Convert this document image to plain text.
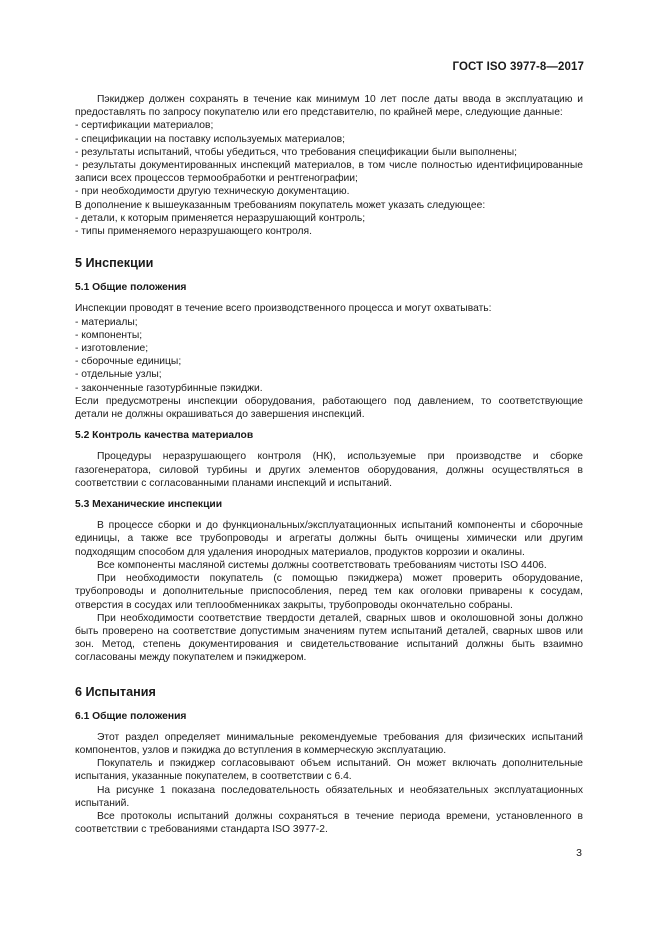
ГОСТ ISO 3977-8—2017

Пэкиджер должен сохранять в течение как минимум 10 лет после даты ввода в эксплуатацию и предоставлять по запросу покупателю или его представителю, по крайней мере, следующие данные:

- сертификации материалов;

- спецификации на поставку используемых материалов;

- результаты испытаний, чтобы убедиться, что требования спецификации были выполнены;

- результаты документированных инспекций материалов, в том числе полностью идентифицированные записи всех процессов термообработки и рентгенографии;

- при необходимости другую техническую документацию.

В дополнение к вышеуказанным требованиям покупатель может указать следующее:

- детали, к которым применяется неразрушающий контроль;

- типы применяемого неразрушающего контроля.

5 Инспекции
5.1 Общие положения

Инспекции проводят в течение всего производственного процесса и могут охватывать:

- материалы;

- компоненты;

- изготовление;

- сборочные единицы;

- отдельные узлы;

- законченные газотурбинные пэкиджи.

Если предусмотрены инспекции оборудования, работающего под давлением, то соответствующие детали не должны окрашиваться до завершения инспекций.

5.2 Контроль качества материалов

Процедуры неразрушающего контроля (НК), используемые при производстве и сборке газогенератора, силовой турбины и других элементов оборудования, должны осуществляться в соответствии с согласованными планами инспекций и испытаний.

5.3 Механические инспекции

В процессе сборки и до функциональных/эксплуатационных испытаний компоненты и сборочные единицы, а также все трубопроводы и агрегаты должны быть очищены химически или другим подходящим способом для удаления инородных материалов, продуктов коррозии и окалины.

Все компоненты масляной системы должны соответствовать требованиям чистоты ISO 4406.

При необходимости покупатель (с помощью пэкиджера) может проверить оборудование, трубопроводы и дополнительные приспособления, перед тем как оголовки приварены к сосудам, отверстия в сосудах или теплообменниках закрыты, трубопроводы окончательно собраны.

При необходимости соответствие твердости деталей, сварных швов и околошовной зоны должно быть проверено на соответствие допустимым значениям путем испытаний деталей, сварных швов или зон. Метод, степень документирования и свидетельствование испытаний должны быть взаимно согласованы между покупателем и пэкиджером.

6 Испытания
6.1 Общие положения

Этот раздел определяет минимальные рекомендуемые требования для физических испытаний компонентов, узлов и пэкиджа до вступления в коммерческую эксплуатацию.

Покупатель и пэкиджер согласовывают объем испытаний. Он может включать дополнительные испытания, указанные покупателем, в соответствии с 6.4.

На рисунке 1 показана последовательность обязательных и необязательных эксплуатационных испытаний.

Все протоколы испытаний должны сохраняться в течение периода времени, установленного в соответствии с требованиями стандарта ISO 3977-2.

3
